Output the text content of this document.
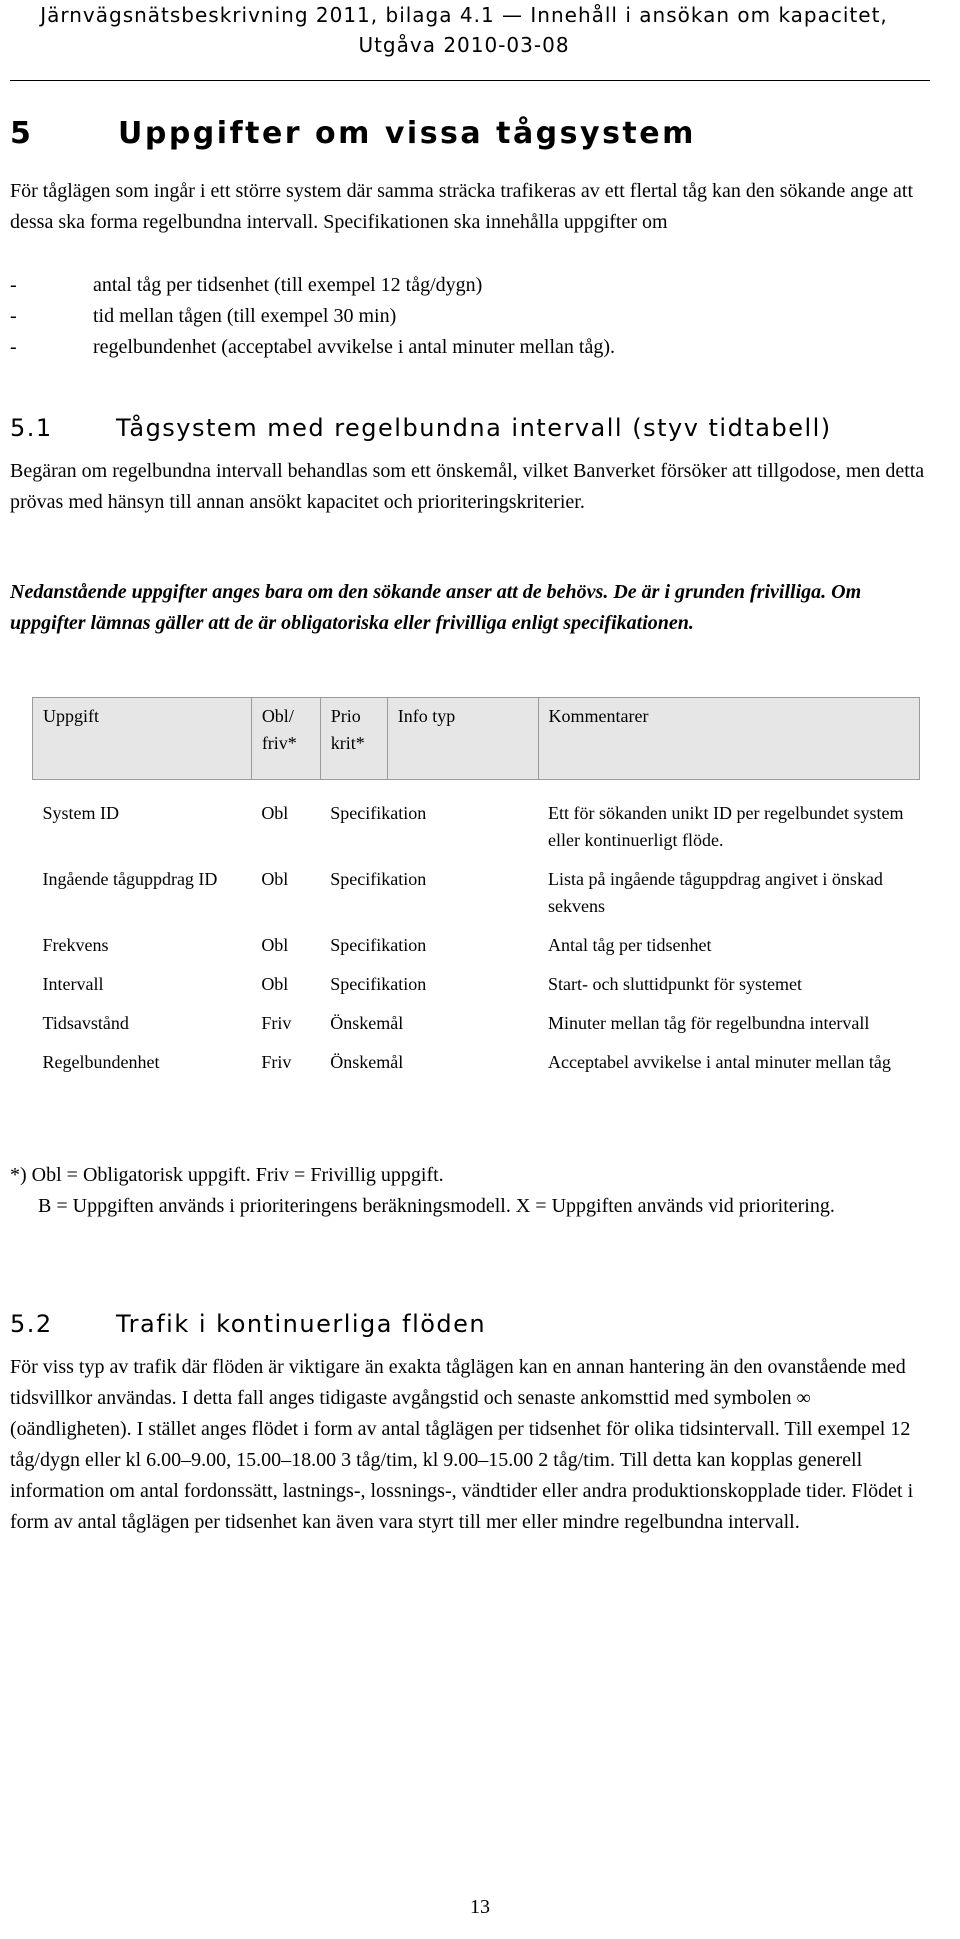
Järnvägsnätsbeskrivning 2011, bilaga 4.1 — Innehåll i ansökan om kapacitet,
Utgåva 2010-03-08
5	Uppgifter om vissa tågsystem

För tåglägen som ingår i ett större system där samma sträcka trafikeras av ett flertal tåg kan den sökande ange att dessa ska forma regelbundna intervall. Specifikationen ska innehålla uppgifter om

-	antal tåg per tidsenhet (till exempel 12 tåg/dygn)
-	tid mellan tågen (till exempel 30 min)
-	regelbundenhet (acceptabel avvikelse i antal minuter mellan tåg).
5.1	Tågsystem med regelbundna intervall (styv tidtabell)

Begäran om regelbundna intervall behandlas som ett önskemål, vilket Banverket försöker att tillgodose, men detta prövas med hänsyn till annan ansökt kapacitet och prioriteringskriterier.

Nedanstående uppgifter anges bara om den sökande anser att de behövs. De är i grunden frivilliga. Om uppgifter lämnas gäller att de är obligatoriska eller frivilliga enligt specifikationen.

Uppgift	Obl/ friv*	Prio krit*	Info typ	Kommentarer
System ID	Obl	Specifikation		Ett för sökanden unikt ID per regelbundet system eller kontinuerligt flöde.
Ingående tåguppdrag ID	Obl	Specifikation		Lista på ingående tåguppdrag angivet i önskad sekvens
Frekvens	Obl	Specifikation		Antal tåg per tidsenhet
Intervall	Obl	Specifikation		Start- och sluttidpunkt för systemet
Tidsavstånd	Friv	Önskemål		Minuter mellan tåg för regelbundna intervall
Regelbundenhet	Friv	Önskemål		Acceptabel avvikelse i antal minuter mellan tåg
*) Obl = Obligatorisk uppgift. Friv = Frivillig uppgift.
B = Uppgiften används i prioriteringens beräkningsmodell. X = Uppgiften används vid prioritering.
5.2	Trafik i kontinuerliga flöden

För viss typ av trafik där flöden är viktigare än exakta tåglägen kan en annan hantering än den ovanstående med tidsvillkor användas. I detta fall anges tidigaste avgångstid och senaste ankomsttid med symbolen ∞ (oändligheten). I stället anges flödet i form av antal tåglägen per tidsenhet för olika tidsintervall. Till exempel 12 tåg/dygn eller kl 6.00–9.00, 15.00–18.00 3 tåg/tim, kl 9.00–15.00 2 tåg/tim. Till detta kan kopplas generell information om antal fordonssätt, lastnings-, lossnings-, vändtider eller andra produktionskopplade tider. Flödet i form av antal tåglägen per tidsenhet kan även vara styrt till mer eller mindre regelbundna intervall.

13
